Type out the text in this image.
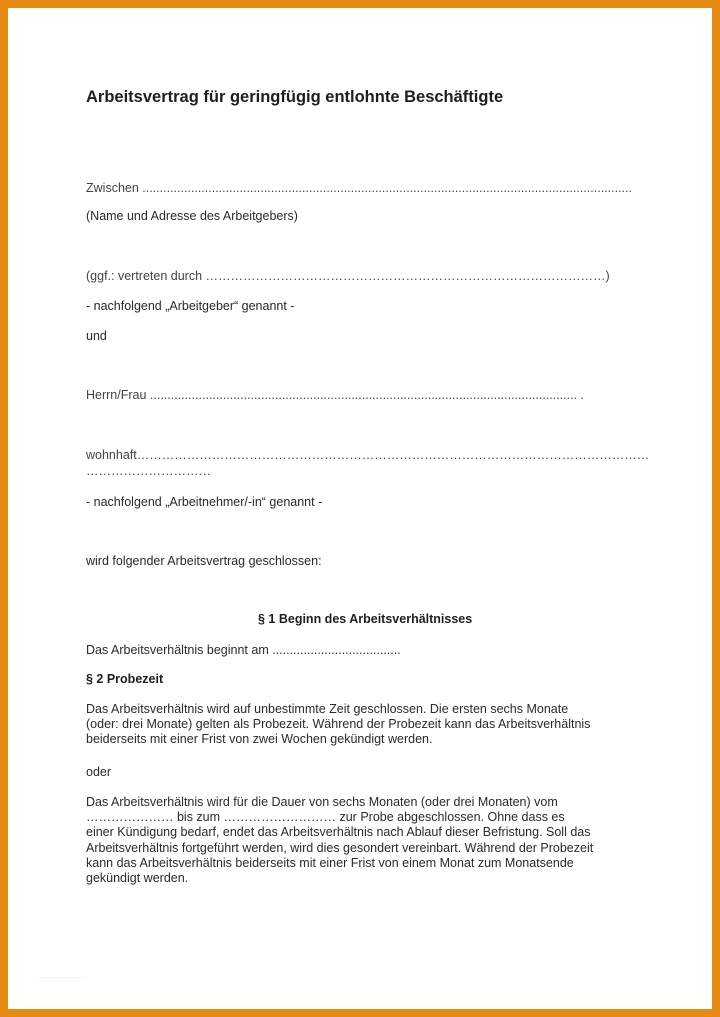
Arbeitsvertrag für geringfügig entlohnte Beschäftigte
Zwischen .............................................................................................................................................
(Name und Adresse des Arbeitgebers)
(ggf.: vertreten durch ……………………………………………………………………………………)
- nachfolgend „Arbeitgeber“ genannt -
und
Herrn/Frau ........................................................................................................................... .
wohnhaft……………………………………………………………………………………………………………
…………………………
- nachfolgend „Arbeitnehmer/-in“ genannt -
wird folgender Arbeitsvertrag geschlossen:
§ 1 Beginn des Arbeitsverhältnisses
Das Arbeitsverhältnis beginnt am .....................................
§ 2 Probezeit
Das Arbeitsverhältnis wird auf unbestimmte Zeit geschlossen. Die ersten sechs Monate
(oder: drei Monate) gelten als Probezeit. Während der Probezeit kann das Arbeitsverhältnis
beiderseits mit einer Frist von zwei Wochen gekündigt werden.
oder
Das Arbeitsverhältnis wird für die Dauer von sechs Monaten (oder drei Monaten) vom
………………… bis zum ……………………… zur Probe abgeschlossen. Ohne dass es
einer Kündigung bedarf, endet das Arbeitsverhältnis nach Ablauf dieser Befristung. Soll das
Arbeitsverhältnis fortgeführt werden, wird dies gesondert vereinbart. Während der Probezeit
kann das Arbeitsverhältnis beiderseits mit einer Frist von einem Monat zum Monatsende
gekündigt werden.
‧ ‧ ‧ ‧ ‧ ‧ ‧ ‧ ‧ ‧ ‧ ‧
